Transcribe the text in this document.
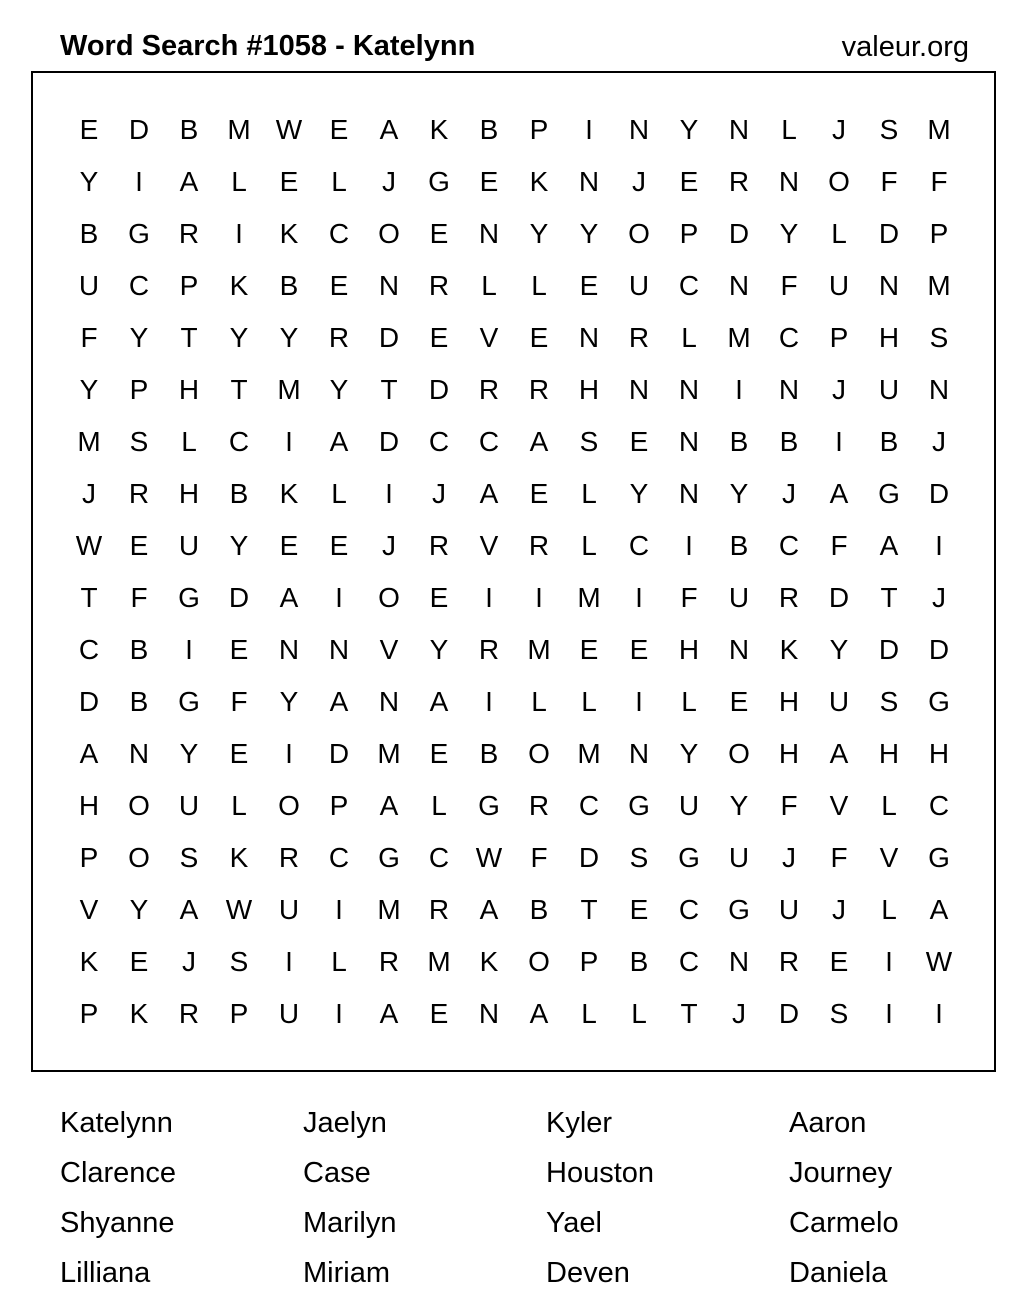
Word Search #1058 - Katelynn	valeur.org
E	D	B	M W E	A	K	B	P	I	N	Y	N	L	J	S	M
Y	I	A	L	E	L	J	G	E	K	N	J	E	R	N	O	F	F
B	G	R	I	K	C	O	E	N	Y	Y	O	P	D	Y	L	D	P
U	C	P	K	B	E	N	R	L	L	E	U	C	N	F	U	N	M
F	Y	T	Y	Y	R	D	E	V	E	N	R	L	M	C	P	H	S
Y	P	H	T	M	Y	T	D	R	R	H	N	N	I	N	J	U	N
M	S	L	C	I	A	D	C	C	A	S	E	N	B	B	I	B	J
J	R	H	B	K	L	I	J	A	E	L	Y	N	Y	J	A	G	D
W E	U	Y	E	E	J	R	V	R	L	C	I	B	C	F	A	I
T	F	G	D	A	I	O	E	I	I	M	I	F	U	R	D	T	J
C	B	I	E	N	N	V	Y	R	M	E	E	H	N	K	Y	D	D
D	B	G	F	Y	A	N	A	I	L	L	I	L	E	H	U	S	G
A	N	Y	E	I	D	M	E	B	O M	N	Y	O	H	A	H	H
H	O	U	L	O	P	A	L	G	R	C	G	U	Y	F	V	L	C
P	O	S	K	R	C	G	C W	F	D	S	G	U	J	F	V	G
V	Y	A W U	I	M	R	A	B	T	E	C	G	U	J	L	A
K	E	J	S	I	L	R	M	K	O	P	B	C	N	R	E	I	W
P	K	R	P	U	I	A	E	N	A	L	L	T	J	D	S	I	I
Katelynn	Jaelyn	Kyler	Aaron
Clarence	Case	Houston	Journey
Shyanne	Marilyn	Yael	Carmelo
Lilliana	Miriam	Deven	Daniela
